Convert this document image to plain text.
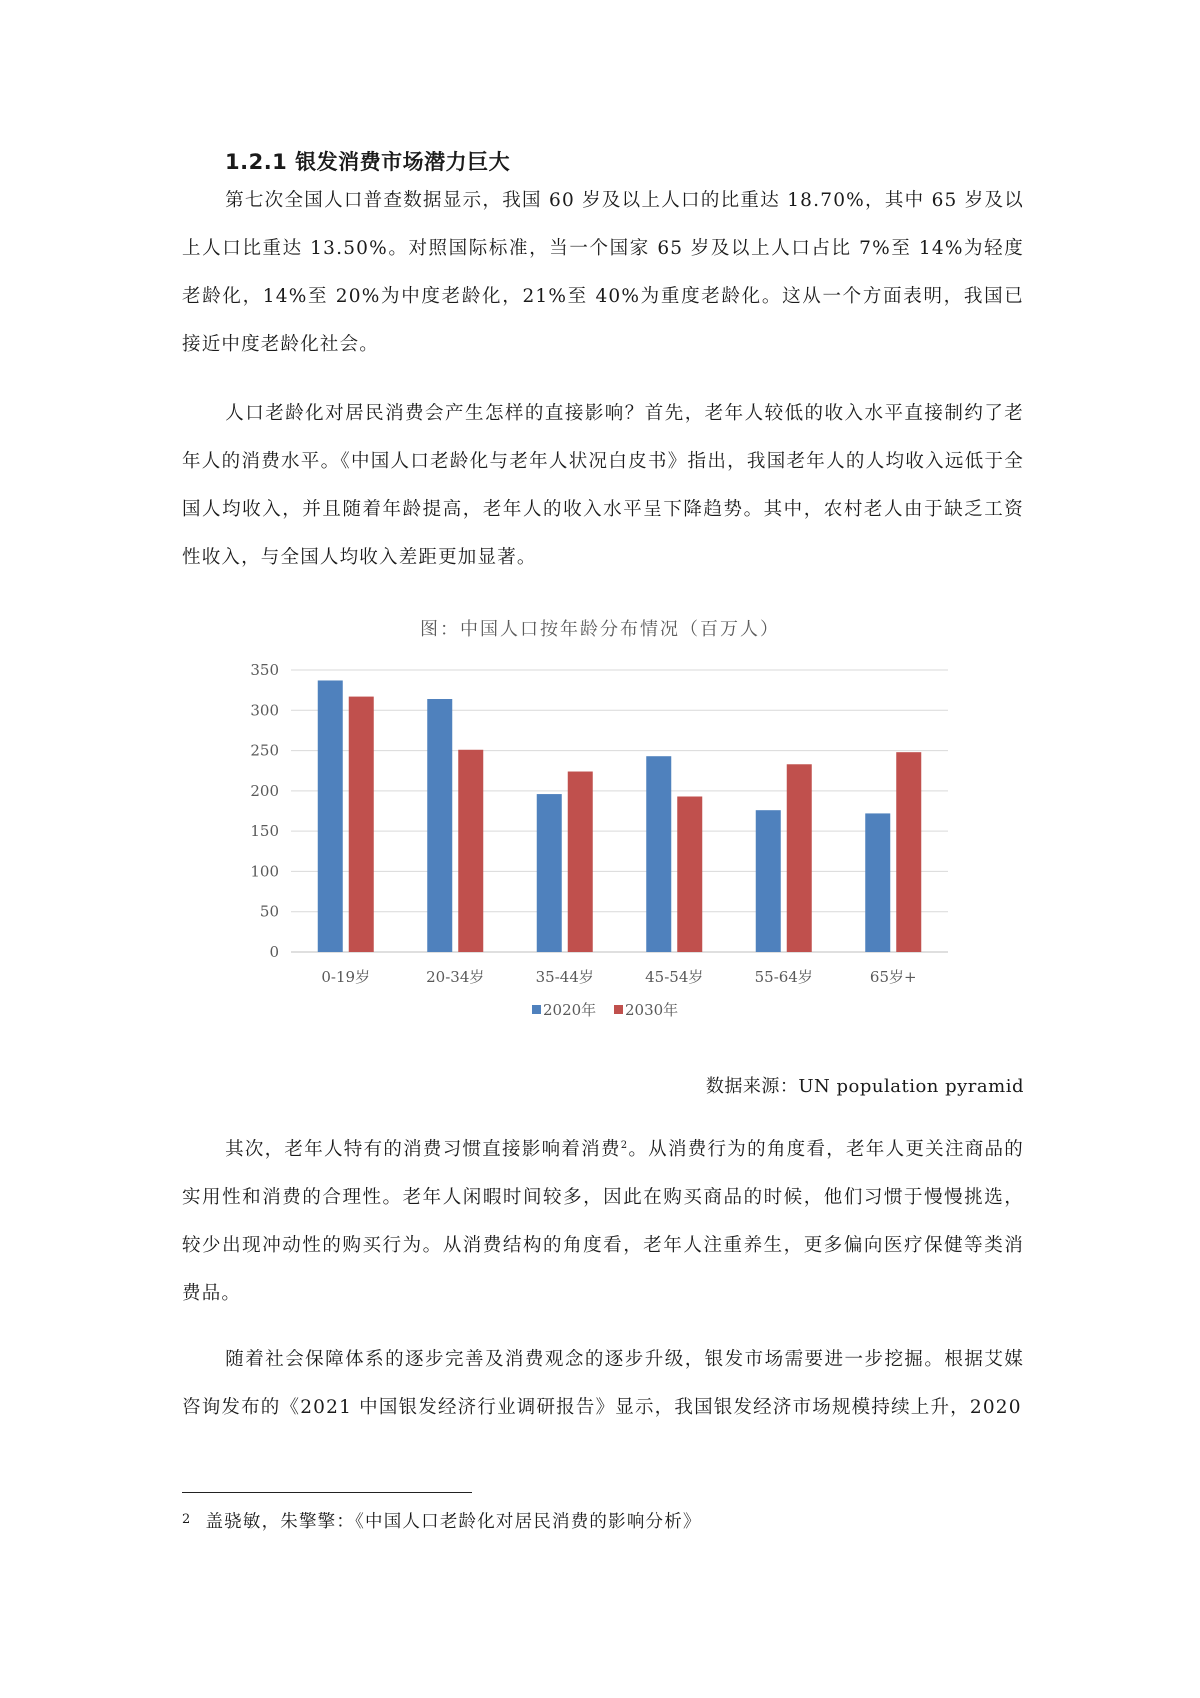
1.2.1 银发消费市场潜力巨大

第七次全国人口普查数据显示，我国 60 岁及以上人口的比重达 18.70%，其中 65 岁及以上人口比重达 13.50%。对照国际标准，当一个国家 65 岁及以上人口占比 7%至 14%为轻度老龄化，14%至 20%为中度老龄化，21%至 40%为重度老龄化。这从一个方面表明，我国已接近中度老龄化社会。

人口老龄化对居民消费会产生怎样的直接影响？首先，老年人较低的收入水平直接制约了老年人的消费水平。《中国人口老龄化与老年人状况白皮书》指出，我国老年人的人均收入远低于全国人均收入，并且随着年龄提高，老年人的收入水平呈下降趋势。其中，农村老人由于缺乏工资性收入，与全国人均收入差距更加显著。

图：中国人口按年龄分布情况（百万人）
0
50
100
150
200
250
300
350
0-19岁	20-34岁	35-44岁	45-54岁	55-64岁	65岁+
2020年 2030年
数据来源：UN population pyramid

其次，老年人特有的消费习惯直接影响着消费$^2$。从消费行为的角度看，老年人更关注商品的实用性和消费的合理性。老年人闲暇时间较多，因此在购买商品的时候，他们习惯于慢慢挑选，较少出现冲动性的购买行为。从消费结构的角度看，老年人注重养生，更多偏向医疗保健等类消费品。

随着社会保障体系的逐步完善及消费观念的逐步升级，银发市场需要进一步挖掘。根据艾媒咨询发布的《2021 中国银发经济行业调研报告》显示，我国银发经济市场规模持续上升，2020

$^2$ 盖骁敏，朱擎擎：《中国人口老龄化对居民消费的影响分析》
